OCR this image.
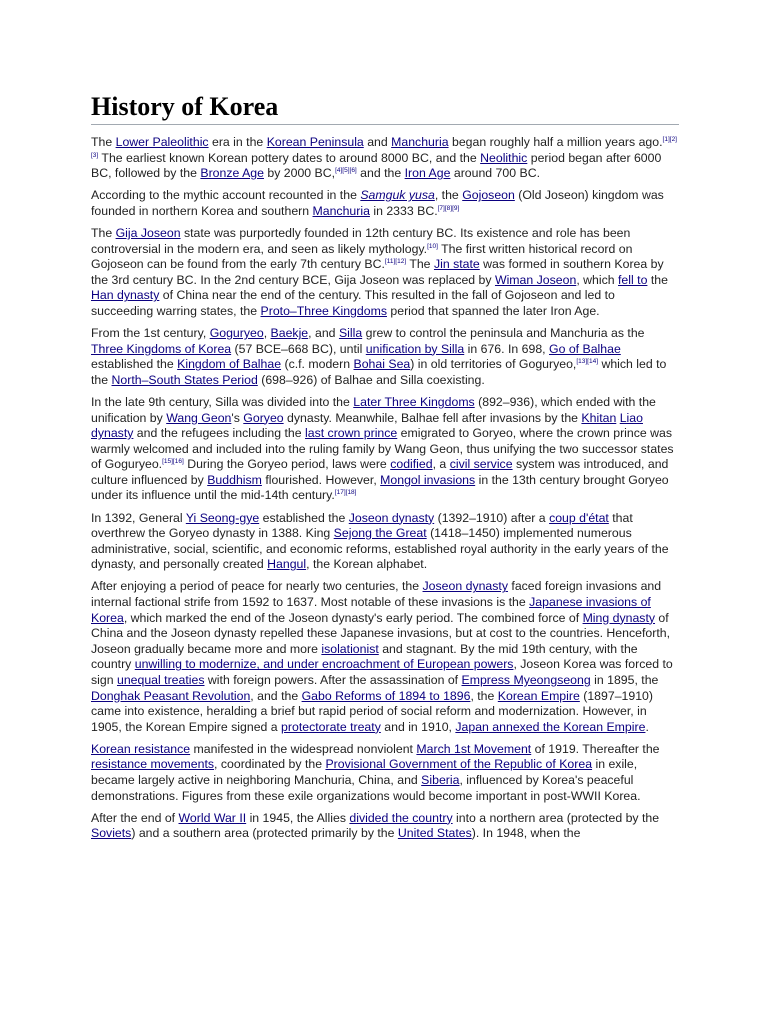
History of Korea

The Lower Paleolithic era in the Korean Peninsula and Manchuria began roughly half a million years ago.[1][2][3] The earliest known Korean pottery dates to around 8000 BC, and the Neolithic period began after 6000 BC, followed by the Bronze Age by 2000 BC,[4][5][6] and the Iron Age around 700 BC.

According to the mythic account recounted in the Samguk yusa, the Gojoseon (Old Joseon) kingdom was founded in northern Korea and southern Manchuria in 2333 BC.[7][8][9]

The Gija Joseon state was purportedly founded in 12th century BC. Its existence and role has been controversial in the modern era, and seen as likely mythology.[10] The first written historical record on Gojoseon can be found from the early 7th century BC.[11][12] The Jin state was formed in southern Korea by the 3rd century BC. In the 2nd century BCE, Gija Joseon was replaced by Wiman Joseon, which fell to the Han dynasty of China near the end of the century. This resulted in the fall of Gojoseon and led to succeeding warring states, the Proto–Three Kingdoms period that spanned the later Iron Age.

From the 1st century, Goguryeo, Baekje, and Silla grew to control the peninsula and Manchuria as the Three Kingdoms of Korea (57 BCE–668 BC), until unification by Silla in 676. In 698, Go of Balhae established the Kingdom of Balhae (c.f. modern Bohai Sea) in old territories of Goguryeo,[13][14] which led to the North–South States Period (698–926) of Balhae and Silla coexisting.

In the late 9th century, Silla was divided into the Later Three Kingdoms (892–936), which ended with the unification by Wang Geon's Goryeo dynasty. Meanwhile, Balhae fell after invasions by the Khitan Liao dynasty and the refugees including the last crown prince emigrated to Goryeo, where the crown prince was warmly welcomed and included into the ruling family by Wang Geon, thus unifying the two successor states of Goguryeo.[15][16] During the Goryeo period, laws were codified, a civil service system was introduced, and culture influenced by Buddhism flourished. However, Mongol invasions in the 13th century brought Goryeo under its influence until the mid-14th century.[17][18]

In 1392, General Yi Seong-gye established the Joseon dynasty (1392–1910) after a coup d'état that overthrew the Goryeo dynasty in 1388. King Sejong the Great (1418–1450) implemented numerous administrative, social, scientific, and economic reforms, established royal authority in the early years of the dynasty, and personally created Hangul, the Korean alphabet.

After enjoying a period of peace for nearly two centuries, the Joseon dynasty faced foreign invasions and internal factional strife from 1592 to 1637. Most notable of these invasions is the Japanese invasions of Korea, which marked the end of the Joseon dynasty's early period. The combined force of Ming dynasty of China and the Joseon dynasty repelled these Japanese invasions, but at cost to the countries. Henceforth, Joseon gradually became more and more isolationist and stagnant. By the mid 19th century, with the country unwilling to modernize, and under encroachment of European powers, Joseon Korea was forced to sign unequal treaties with foreign powers. After the assassination of Empress Myeongseong in 1895, the Donghak Peasant Revolution, and the Gabo Reforms of 1894 to 1896, the Korean Empire (1897–1910) came into existence, heralding a brief but rapid period of social reform and modernization. However, in 1905, the Korean Empire signed a protectorate treaty and in 1910, Japan annexed the Korean Empire.

Korean resistance manifested in the widespread nonviolent March 1st Movement of 1919. Thereafter the resistance movements, coordinated by the Provisional Government of the Republic of Korea in exile, became largely active in neighboring Manchuria, China, and Siberia, influenced by Korea's peaceful demonstrations. Figures from these exile organizations would become important in post-WWII Korea.

After the end of World War II in 1945, the Allies divided the country into a northern area (protected by the Soviets) and a southern area (protected primarily by the United States). In 1948, when the
